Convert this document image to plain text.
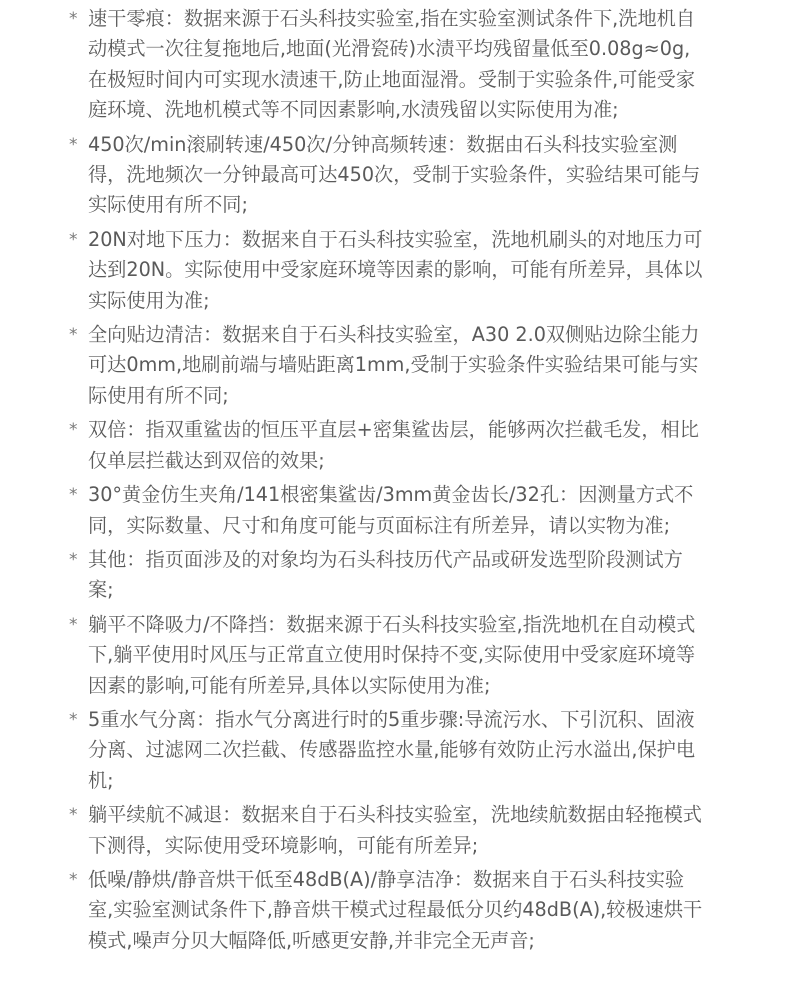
* 速干零痕：数据来源于石头科技实验室,指在实验室测试条件下,洗地机自动模式一次往复拖地后,地面(光滑瓷砖)水渍平均残留量低至0.08g≈0g,　在极短时间内可实现水渍速干,防止地面湿滑。受制于实验条件,可能受家庭环境、洗地机模式等不同因素影响,水渍残留以实际使用为准;
* 450次/min滚刷转速/450次/分钟高频转速：数据由石头科技实验室测得，洗地频次一分钟最高可达450次，受制于实验条件，实验结果可能与实际使用有所不同;
* 20N对地下压力：数据来自于石头科技实验室，洗地机刷头的对地压力可达到20N。实际使用中受家庭环境等因素的影响，可能有所差异，具体以实际使用为准;
* 全向贴边清洁：数据来自于石头科技实验室，A30 2.0双侧贴边除尘能力可达0mm,地刷前端与墙贴距离1mm,受制于实验条件实验结果可能与实际使用有所不同;
* 双倍：指双重鲨齿的恒压平直层+密集鲨齿层，能够两次拦截毛发，相比仅单层拦截达到双倍的效果;
* 30°黄金仿生夹角/141根密集鲨齿/3mm黄金齿长/32孔：因测量方式不同，实际数量、尺寸和角度可能与页面标注有所差异，请以实物为准;
* 其他：指页面涉及的对象均为石头科技历代产品或研发选型阶段测试方案;
* 躺平不降吸力/不降挡：数据来源于石头科技实验室,指洗地机在自动模式下,躺平使用时风压与正常直立使用时保持不变,实际使用中受家庭环境等因素的影响,可能有所差异,具体以实际使用为准;
* 5重水气分离：指水气分离进行时的5重步骤:导流污水、下引沉积、固液分离、过滤网二次拦截、传感器监控水量,能够有效防止污水溢出,保护电机;
* 躺平续航不减退：数据来自于石头科技实验室，洗地续航数据由轻拖模式下测得，实际使用受环境影响，可能有所差异;
* 低噪/静烘/静音烘干低至48dB(A)/静享洁净：数据来自于石头科技实验室,实验室测试条件下,静音烘干模式过程最低分贝约48dB(A),较极速烘干模式,噪声分贝大幅降低,听感更安静,并非完全无声音;
